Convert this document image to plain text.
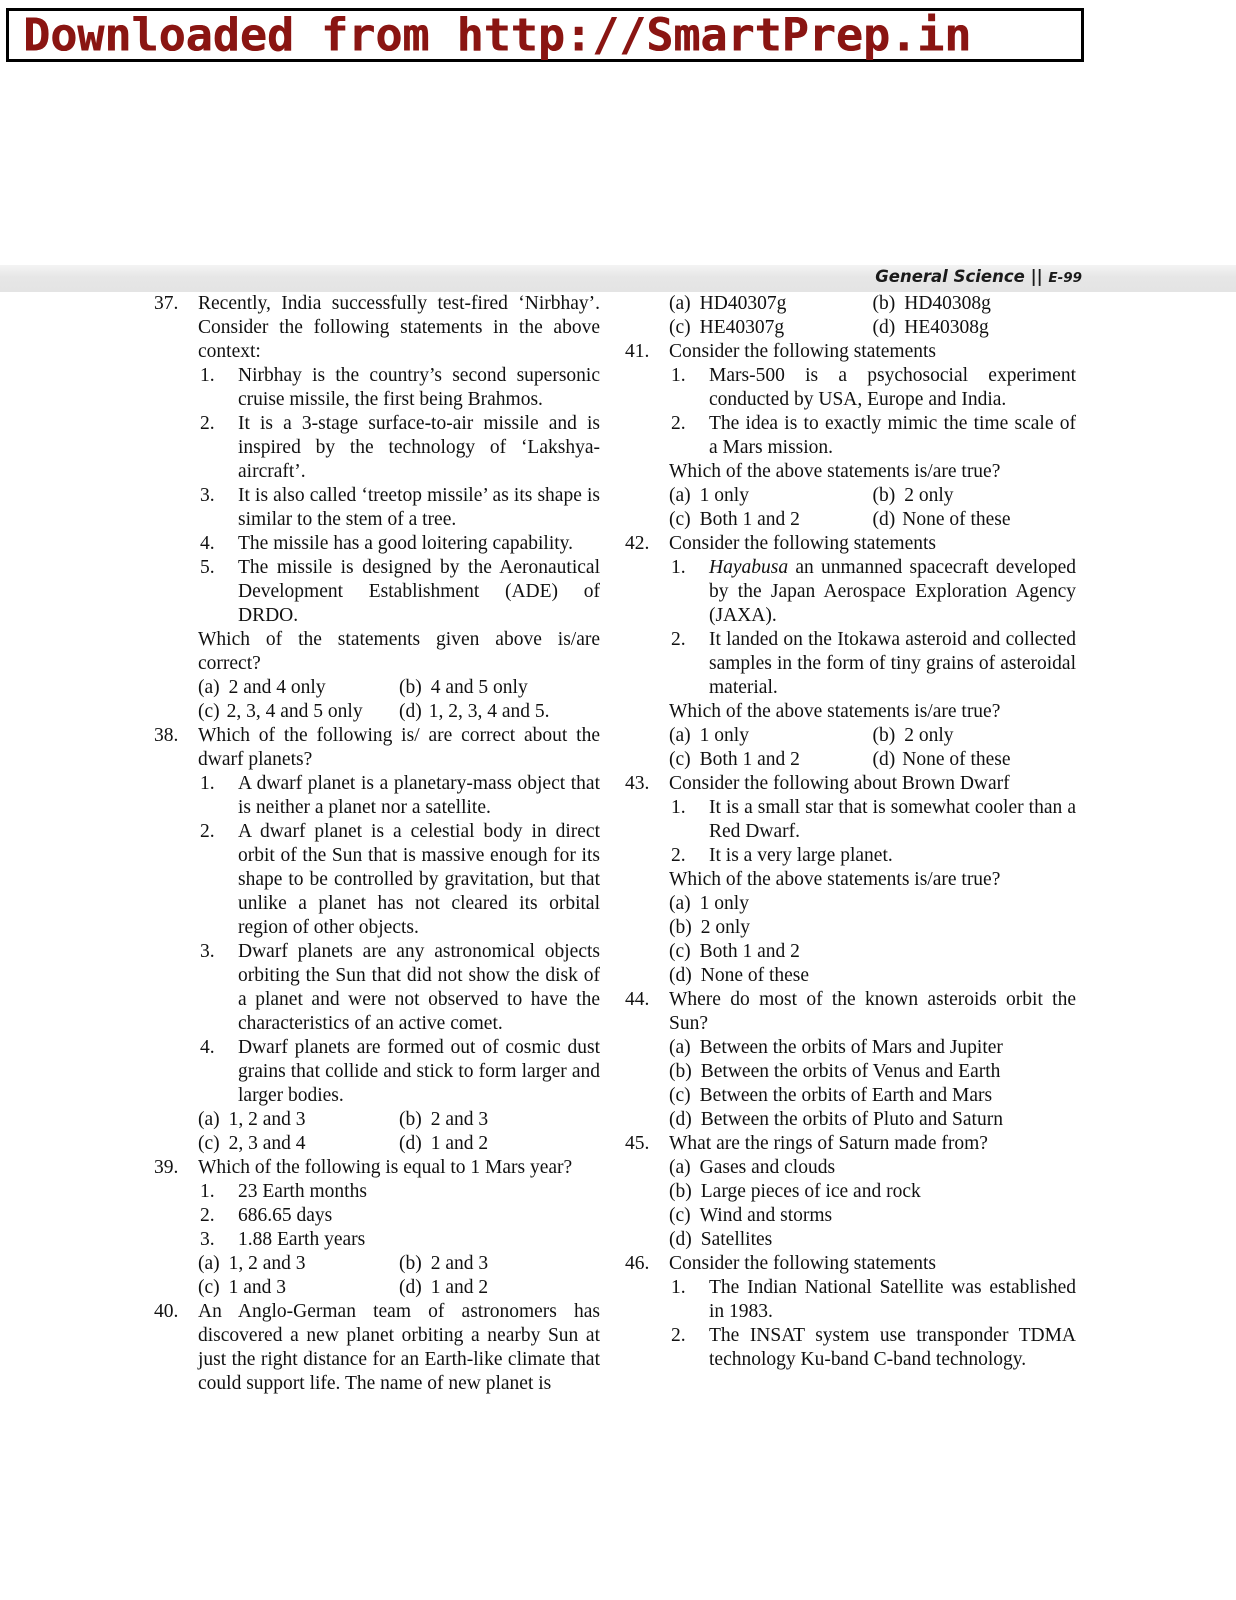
Downloaded from http://SmartPrep.in
General Science || E-99
37.	Recently, India successfully test-fired ‘Nirbhay’. Consider the following statements in the above context:
1.	Nirbhay is the country’s second supersonic cruise missile, the first being Brahmos.
2.	It is a 3-stage surface-to-air missile and is inspired by the technology of ‘Lakshya-aircraft’.
3.	It is also called ‘treetop missile’ as its shape is similar to the stem of a tree.
4.	The missile has a good loitering capability.
5.	The missile is designed by the Aeronautical Development Establishment (ADE) of DRDO.
Which of the statements given above is/are correct?
(a) 2 and 4 only	(b) 4 and 5 only
(c) 2, 3, 4 and 5 only	(d) 1, 2, 3, 4 and 5.
38.	Which of the following is/ are correct about the dwarf planets?
1.	A dwarf planet is a planetary-mass object that is neither a planet nor a satellite.
2.	A dwarf planet is a celestial body in direct orbit of the Sun that is massive enough for its shape to be controlled by gravitation, but that unlike a planet has not cleared its orbital region of other objects.
3.	Dwarf planets are any astronomical objects orbiting the Sun that did not show the disk of a planet and were not observed to have the characteristics of an active comet.
4.	Dwarf planets are formed out of cosmic dust grains that collide and stick to form larger and larger bodies.
(a) 1, 2 and 3	(b) 2 and 3
(c) 2, 3 and 4	(d) 1 and 2
39.	Which of the following is equal to 1 Mars year?
1.	23 Earth months
2.	686.65 days
3.	1.88 Earth years
(a) 1, 2 and 3	(b) 2 and 3
(c) 1 and 3	(d) 1 and 2
40.	An Anglo-German team of astronomers has discovered a new planet orbiting a nearby Sun at just the right distance for an Earth-like climate that could support life. The name of new planet is
(a) HD40307g	(b) HD40308g
(c) HE40307g	(d) HE40308g
41.	Consider the following statements
1.	Mars-500 is a psychosocial experiment conducted by USA, Europe and India.
2.	The idea is to exactly mimic the time scale of a Mars mission.
Which of the above statements is/are true?
(a) 1 only	(b) 2 only
(c) Both 1 and 2	(d) None of these
42.	Consider the following statements
1.	Hayabusa an unmanned spacecraft developed by the Japan Aerospace Exploration Agency (JAXA).
2.	It landed on the Itokawa asteroid and collected samples in the form of tiny grains of asteroidal material.
Which of the above statements is/are true?
(a) 1 only	(b) 2 only
(c) Both 1 and 2	(d) None of these
43.	Consider the following about Brown Dwarf
1.	It is a small star that is somewhat cooler than a Red Dwarf.
2.	It is a very large planet.
Which of the above statements is/are true?
(a) 1 only
(b) 2 only
(c) Both 1 and 2
(d) None of these
44.	Where do most of the known asteroids orbit the Sun?
(a) Between the orbits of Mars and Jupiter
(b) Between the orbits of Venus and Earth
(c) Between the orbits of Earth and Mars
(d) Between the orbits of Pluto and Saturn
45.	What are the rings of Saturn made from?
(a) Gases and clouds
(b) Large pieces of ice and rock
(c) Wind and storms
(d) Satellites
46.	Consider the following statements
1.	The Indian National Satellite was established in 1983.
2.	The INSAT system use transponder TDMA technology Ku-band C-band technology.
